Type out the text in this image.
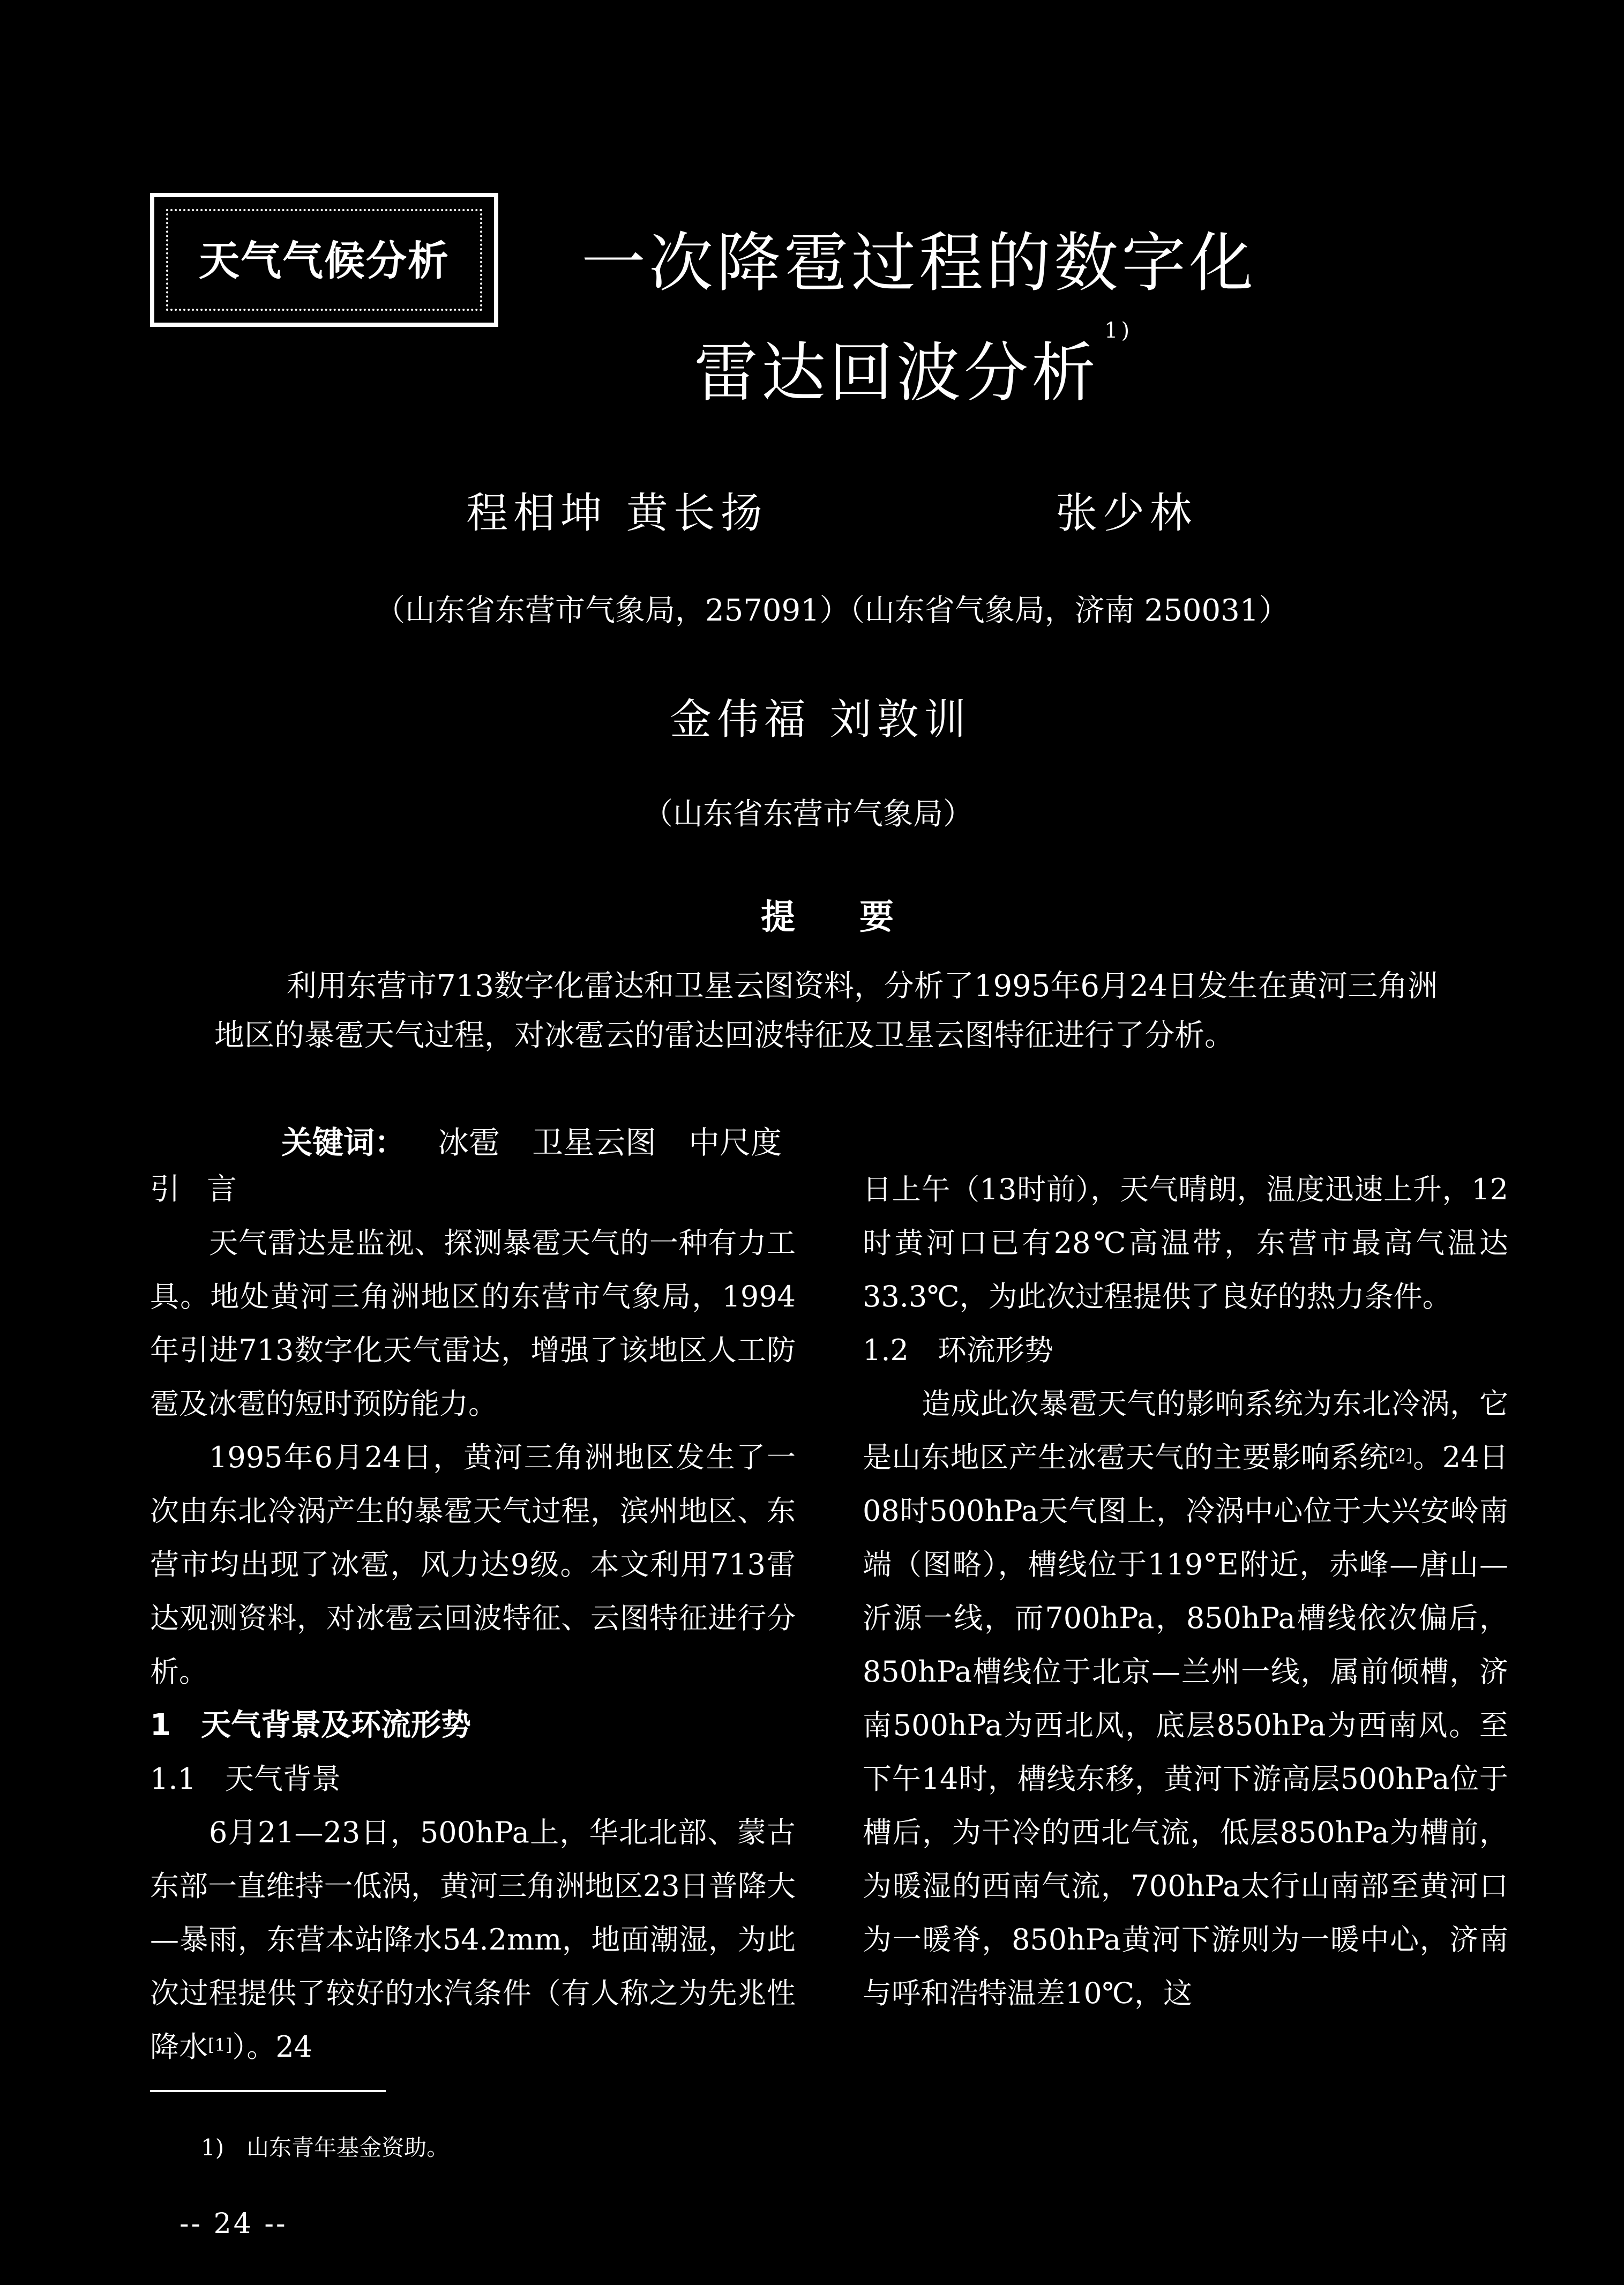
天气气候分析	一次降雹过程的数字化
雷达回波分析$^{1)}$
程相坤 黄长扬	张少林
（山东省东营市气象局，257091）（山东省气象局，济南 250031）
金伟福 刘敦训
（山东省东营市气象局）
提要
利用东营市713数字化雷达和卫星云图资料，分析了1995年6月24日发生在黄河三角洲地区的暴雹天气过程，对冰雹云的雷达回波特征及卫星云图特征进行了分析。
关键词： 冰雹 卫星云图 中尺度
引言

天气雷达是监视、探测暴雹天气的一种有力工具。地处黄河三角洲地区的东营市气象局，1994年引进713数字化天气雷达，增强了该地区人工防雹及冰雹的短时预防能力。

1995年6月24日，黄河三角洲地区发生了一次由东北冷涡产生的暴雹天气过程，滨州地区、东营市均出现了冰雹，风力达9级。本文利用713雷达观测资料，对冰雹云回波特征、云图特征进行分析。

1　天气背景及环流形势
1.1　天气背景

6月21—23日，500hPa上，华北北部、蒙古东部一直维持一低涡，黄河三角洲地区23日普降大—暴雨，东营本站降水54.2mm，地面潮湿，为此次过程提供了较好的水汽条件（有人称之为先兆性降水[1]）。24

日上午（13时前），天气晴朗，温度迅速上升，12时黄河口已有28℃高温带，东营市最高气温达33.3℃，为此次过程提供了良好的热力条件。

1.2　环流形势

造成此次暴雹天气的影响系统为东北冷涡，它是山东地区产生冰雹天气的主要影响系统[2]。24日08时500hPa天气图上，冷涡中心位于大兴安岭南端（图略），槽线位于119°E附近，赤峰—唐山—沂源一线，而700hPa，850hPa槽线依次偏后，850hPa槽线位于北京—兰州一线，属前倾槽，济南500hPa为西北风，底层850hPa为西南风。至下午14时，槽线东移，黄河下游高层500hPa位于槽后，为干冷的西北气流，低层850hPa为槽前，为暖湿的西南气流，700hPa太行山南部至黄河口为一暖脊，850hPa黄河下游则为一暖中心，济南与呼和浩特温差10℃，这

1)　山东青年基金资助。
-- 24 --
